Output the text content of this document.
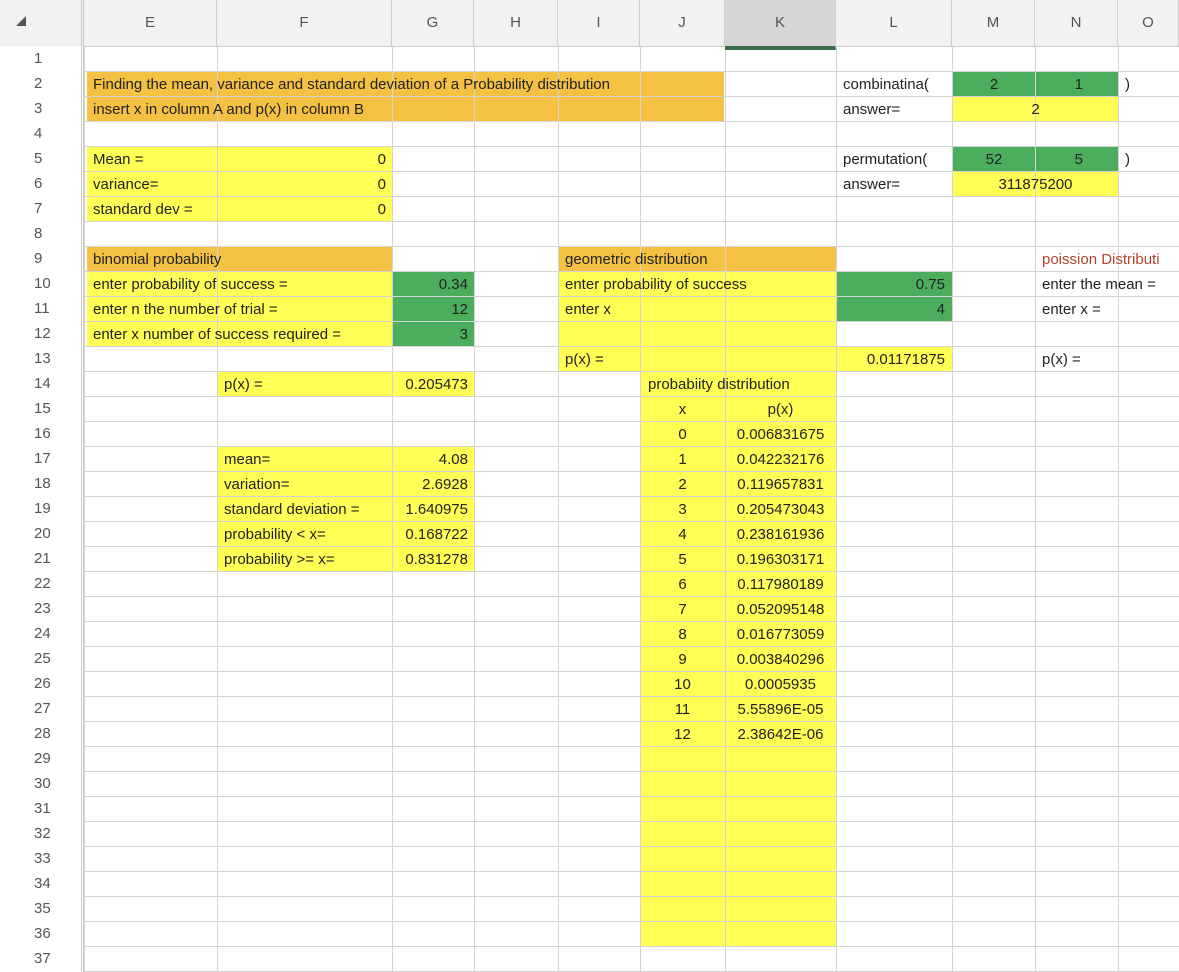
E	F	G	H	I	J	K	L	M	N	O
1
2
3
4
5
6
7
8
9
10
11
12
13
14
15
16
17
18
19
20
21
22
23
24
25
26
27
28
29
30
31
32
33
34
35
36
37
Finding the mean, variance and standard deviation of a Probability distribution
insert x in column A and p(x) in column B
Mean =	0
variance=	0
standard dev =	0
combinatina(	2	1	)
answer=	2
permutation(	52	5	)
answer=	311875200
binomial probability
enter probability of success =	0.34
enter n the number of trial =	12
enter x number of success required =	3
p(x) =	0.205473
mean=	4.08
variation=	2.6928
standard deviation =	1.640975
probability < x=	0.168722
probability >= x=	0.831278
geometric distribution
enter probability of success	0.75
enter x	4
p(x) =	0.01171875
probabiity distribution
x	p(x)
0	0.006831675
1	0.042232176
2	0.119657831
3	0.205473043
4	0.238161936
5	0.196303171
6	0.117980189
7	0.052095148
8	0.016773059
9	0.003840296
10	0.0005935
11	5.55896E-05
12	2.38642E-06
poission Distributi
enter the mean =
enter x =
p(x) =
